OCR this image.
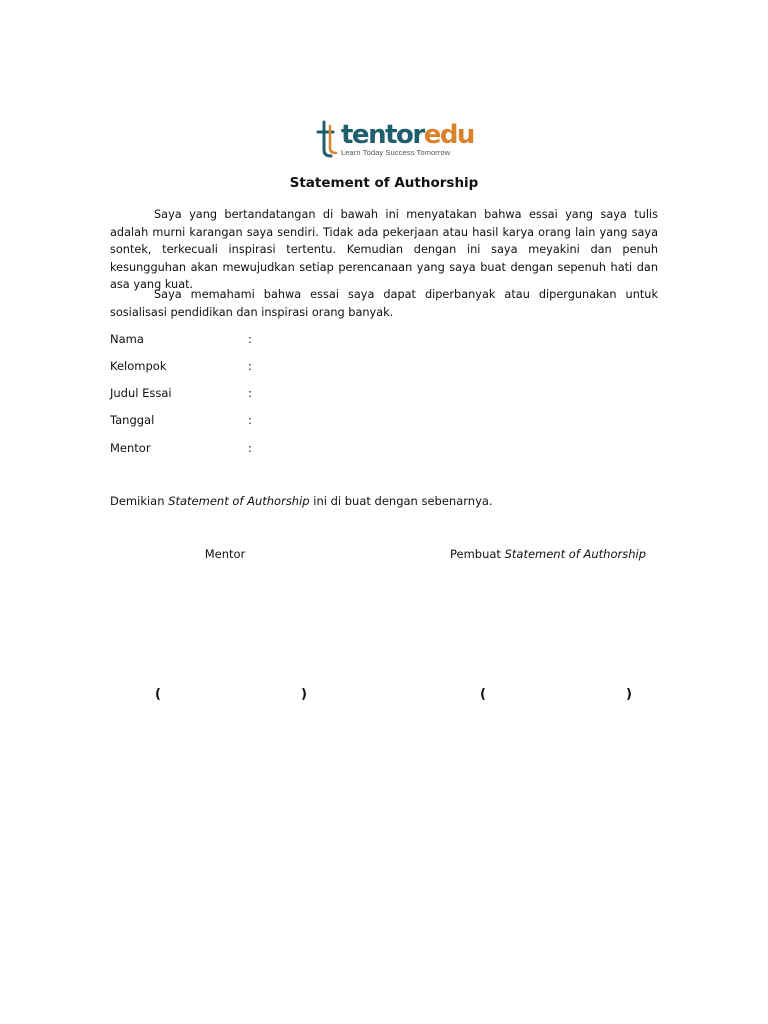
tentoredu
Learn Today Success Tomorrow
Statement of Authorship
Saya yang bertandatangan di bawah ini menyatakan bahwa essai yang saya tulis adalah murni karangan saya sendiri. Tidak ada pekerjaan atau hasil karya orang lain yang saya sontek, terkecuali inspirasi tertentu. Kemudian dengan ini saya meyakini dan penuh kesungguhan akan mewujudkan setiap perencanaan yang saya buat dengan sepenuh hati dan asa yang kuat.
Saya memahami bahwa essai saya dapat diperbanyak atau dipergunakan untuk sosialisasi pendidikan dan inspirasi orang banyak.
Nama	:
Kelompok	:
Judul Essai	:
Tanggal	:
Mentor	:
Demikian Statement of Authorship ini di buat dengan sebenarnya.
Mentor	Pembuat Statement of Authorship
(	)	(	)
